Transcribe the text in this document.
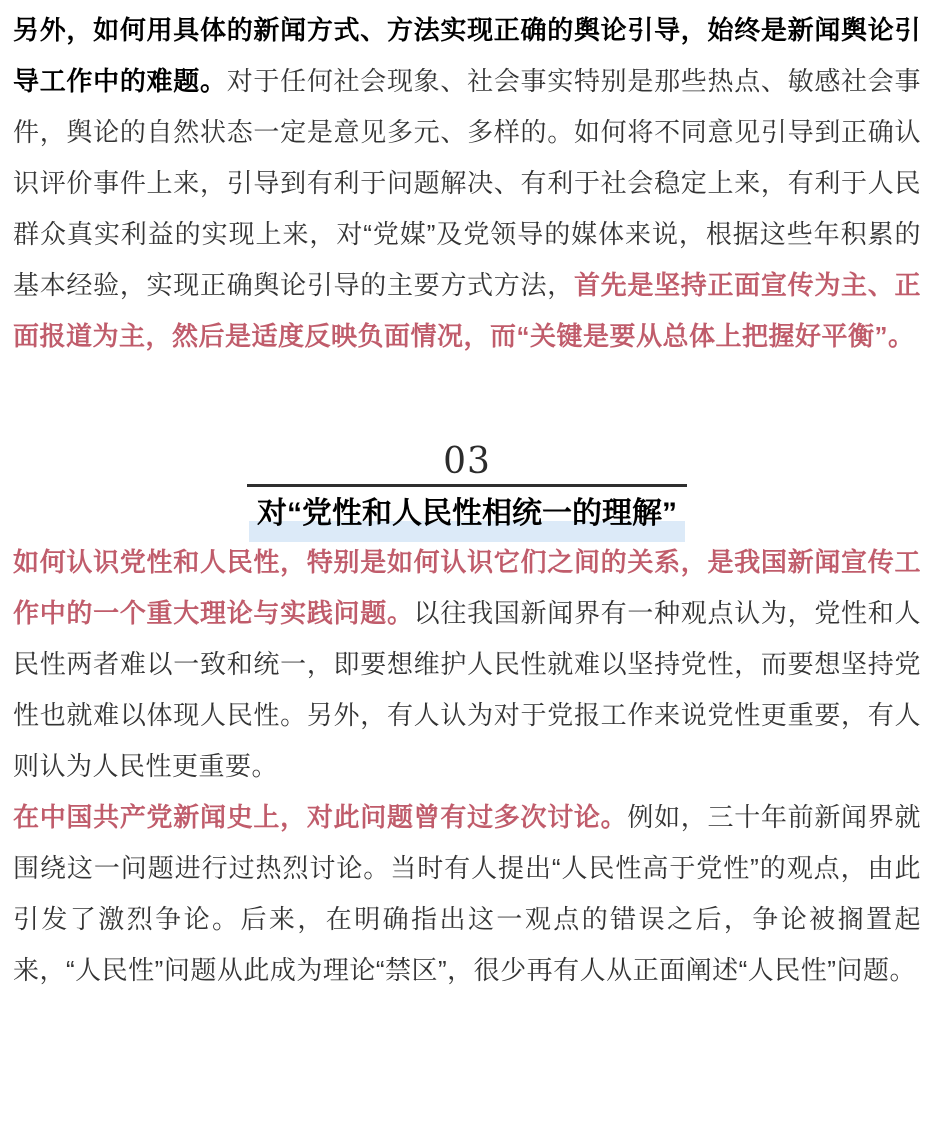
另外，如何用具体的新闻方式、方法实现正确的舆论引导，始终是新闻舆论引导工作中的难题。对于任何社会现象、社会事实特别是那些热点、敏感社会事件，舆论的自然状态一定是意见多元、多样的。如何将不同意见引导到正确认识评价事件上来，引导到有利于问题解决、有利于社会稳定上来，有利于人民群众真实利益的实现上来，对“党媒”及党领导的媒体来说，根据这些年积累的基本经验，实现正确舆论引导的主要方式方法，首先是坚持正面宣传为主、正面报道为主，然后是适度反映负面情况，而“关键是要从总体上把握好平衡”。

03
对“党性和人民性相统一的理解”

如何认识党性和人民性，特别是如何认识它们之间的关系，是我国新闻宣传工作中的一个重大理论与实践问题。以往我国新闻界有一种观点认为，党性和人民性两者难以一致和统一，即要想维护人民性就难以坚持党性，而要想坚持党性也就难以体现人民性。另外，有人认为对于党报工作来说党性更重要，有人则认为人民性更重要。

在中国共产党新闻史上，对此问题曾有过多次讨论。例如，三十年前新闻界就围绕这一问题进行过热烈讨论。当时有人提出“人民性高于党性”的观点，由此引发了激烈争论。后来，在明确指出这一观点的错误之后，争论被搁置起来，“人民性”问题从此成为理论“禁区”，很少再有人从正面阐述“人民性”问题。
